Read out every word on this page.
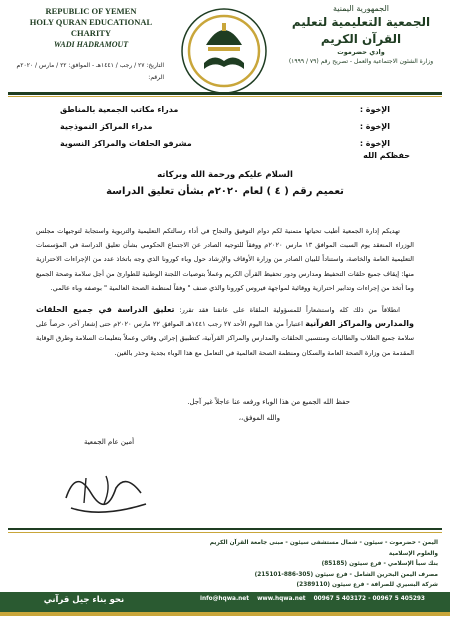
REPUBLIC OF YEMEN
HOLY QURAN EDUCATIONAL CHARITY
WADI HADRAMOUT
الجمهورية اليمنية
الجمعية التعليمية لتعليم القرآن الكريم
وادي حضرموت
وزارة الشئون الاجتماعية والعمل - تصريح رقم (٧٩ / ١٩٩٩)
التاريخ: ٢٧ / رجب / ١٤٤١هـ - الموافق: ٢٢ / مارس / ٢٠٢٠م
الرقم:
الإخوة :
مدراء مكاتب الجمعية بالمناطق
الإخوة :
مدراء المراكز النموذجية
الإخوة :
مشرفو الحلقات والمراكز النسوية
حفظكم الله
السلام عليكم ورحمة الله وبركاته
تعميم رقم ( ٤ ) لعام ٢٠٢٠م بشأن تعليق الدراسة

تهديكم إدارة الجمعية أطيب تحياتها متمنية لكم دوام التوفيق والنجاح في أداء رسالتكم التعليمية والتربوية واستجابة لتوجيهات مجلس الوزراء المنعقد يوم السبت الموافق ١٣ مارس ٢٠٢٠م ووفقاً للتوجيه الصادر عن الاجتماع الحكومي بشأن تعليق الدراسة في المؤسسات التعليمية العامة والخاصة، واستناداً للبيان الصادر من وزارة الأوقاف والإرشاد حول وباء كورونا الذي وجه باتخاذ عدد من الإجراءات الاحترازية منها: إيقاف جميع حلقات التحفيظ ومدارس ودور تحفيظ القرآن الكريم وعملاً بتوصيات اللجنة الوطنية للطوارئ من أجل سلامة وصحة الجميع وما أتخذ من إجراءات وتدابير احترازية ووقائية لمواجهة فيروس كورونا والذي صنف " وفقاً لمنظمة الصحة العالمية " بوصفه وباء عالمي.

انطلاقاً من ذلك كله واستشعاراً للمسؤولية الملقاة على عاتقنا فقد تقرر: تعليق الدراسة في جميع الحلقات والمدارس والمراكز القرآنية اعتباراً من هذا اليوم الأحد ٢٧ رجب ١٤٤١هـ الموافق ٢٢ مارس ٢٠٢٠م حتى إشعار آخر، حرصاً على سلامة جميع الطلاب والطالبات ومنتسبي الحلقات والمدارس والمراكز القرآنية، كتطبيق إجرائي وقائي وعملاً بتعليمات السلامة وطرق الوقاية المقدمة من وزارة الصحة العامة والسكان ومنظمة الصحة العالمية في التعامل مع هذا الوباء بجدية وحذر بالغين.

حفظ الله الجميع من هذا الوباء ورفعه عنا عاجلاً غير آجل.
والله الموفق،،
أمين عام الجمعية
اليمن - حضرموت - سيئون - شمال مستشفى سيئون - مبنى جامعة القرآن الكريم والعلوم الإسلامية
بنك سبأ الإسلامي - فرع سيئون (85185)
مصرف اليمن البحرين الشامل - فرع سيئون (305-886-215101)
شركة البسيري للصرافة - فرع سيئون (2389110)
نحو بناء جيل قرآني	info@hqwa.net www.hqwa.net 00967 5 403172 - 00967 5 405293
